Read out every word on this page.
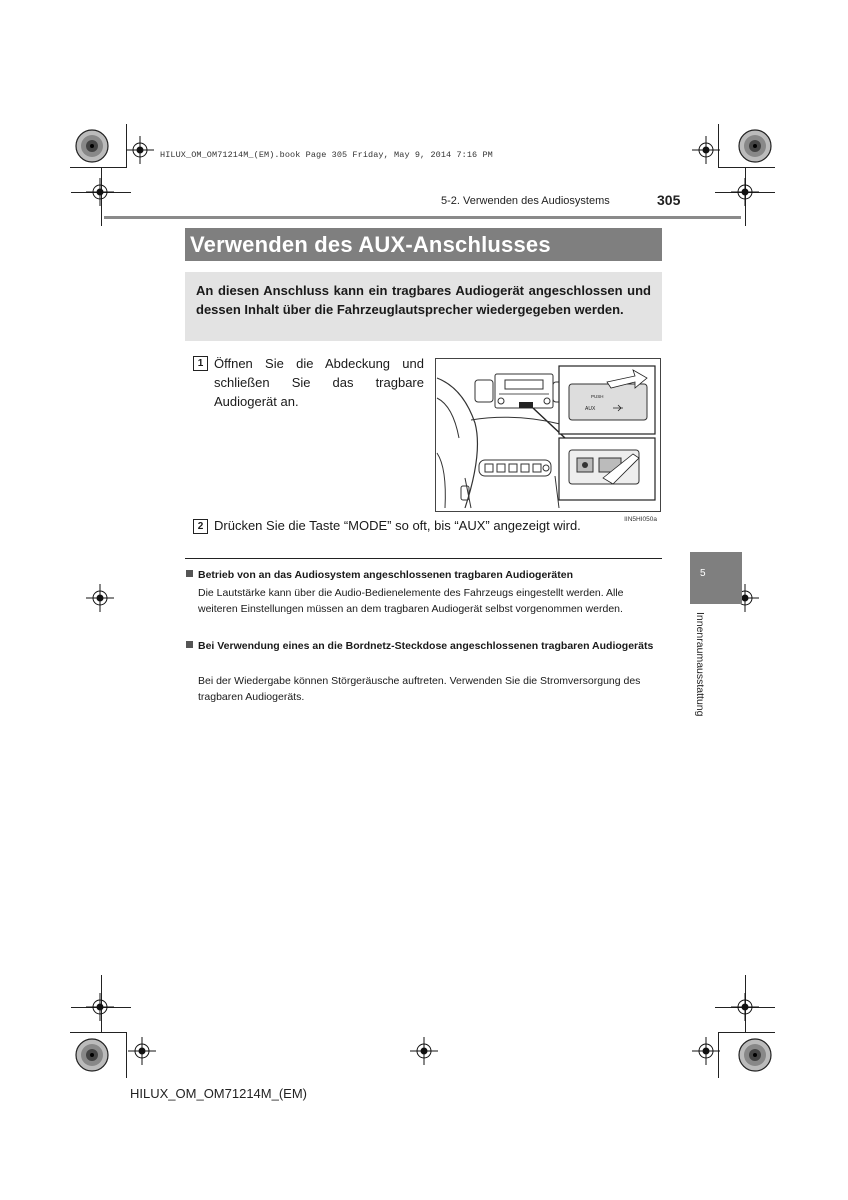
HILUX_OM_OM71214M_(EM).book Page 305 Friday, May 9, 2014 7:16 PM
5-2. Verwenden des Audiosystems	305
Verwenden des AUX-Anschlusses
An diesen Anschluss kann ein tragbares Audiogerät angeschlossen und dessen Inhalt über die Fahrzeuglautsprecher wiedergegeben werden.
1 Öffnen Sie die Abdeckung und schließen Sie das tragbare Audiogerät an.	PUSH
AUX
IIN5HI050a
2 Drücken Sie die Taste “MODE” so oft, bis “AUX” angezeigt wird.
Betrieb von an das Audiosystem angeschlossenen tragbaren Audiogeräten
Die Lautstärke kann über die Audio-Bedienelemente des Fahrzeugs eingestellt werden. Alle weiteren Einstellungen müssen an dem tragbaren Audiogerät selbst vorgenommen werden.
Bei Verwendung eines an die Bordnetz-Steckdose angeschlossenen tragbaren Audiogeräts
Bei der Wiedergabe können Störgeräusche auftreten. Verwenden Sie die Stromversorgung des tragbaren Audiogeräts.
5
Innenraumausstattung
HILUX_OM_OM71214M_(EM)
